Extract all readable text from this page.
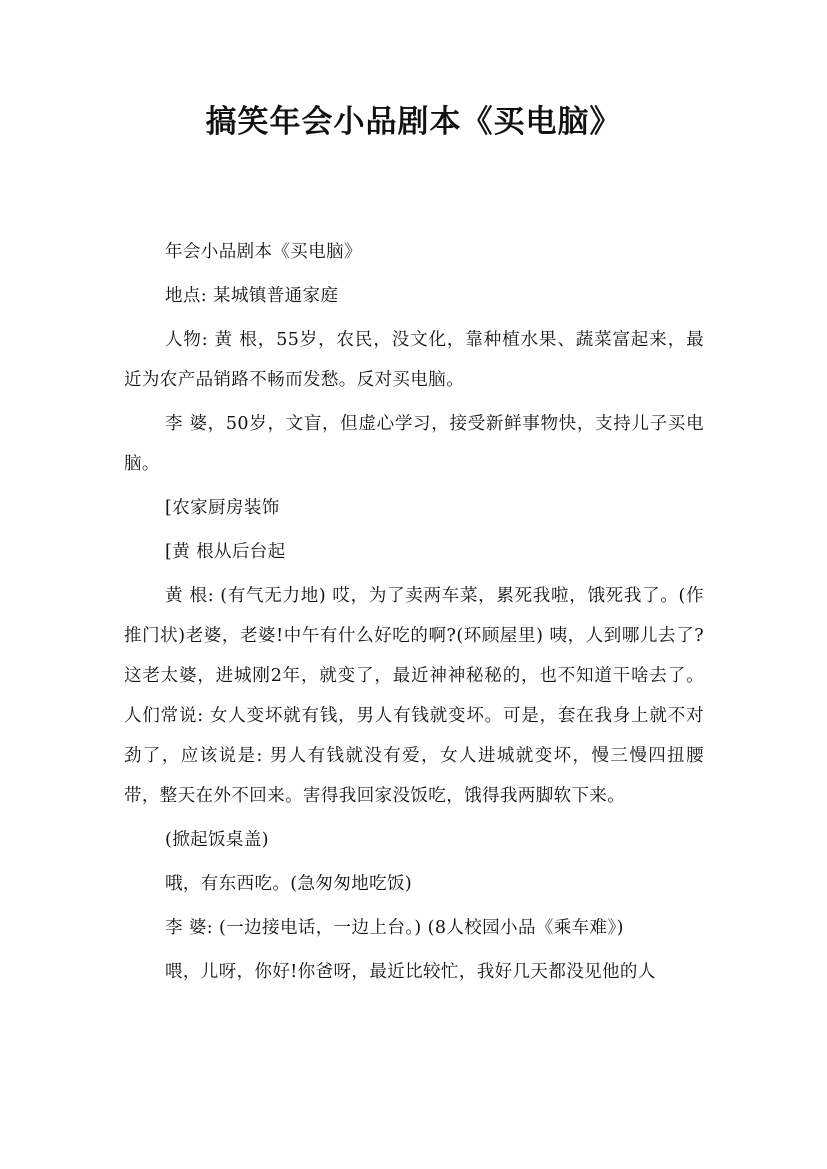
搞笑年会小品剧本《买电脑》

年会小品剧本《买电脑》

地点: 某城镇普通家庭

人物: 黄 根，55岁，农民，没文化，靠种植水果、蔬菜富起来，最近为农产品销路不畅而发愁。反对买电脑。

李 婆，50岁，文盲，但虚心学习，接受新鲜事物快，支持儿子买电脑。

[农家厨房装饰

[黄 根从后台起

黄 根: (有气无力地) 哎，为了卖两车菜，累死我啦，饿死我了。(作推门状)老婆，老婆!中午有什么好吃的啊?(环顾屋里) 咦，人到哪儿去了?这老太婆，进城刚2年，就变了，最近神神秘秘的，也不知道干啥去了。人们常说: 女人变坏就有钱，男人有钱就变坏。可是，套在我身上就不对劲了，应该说是: 男人有钱就没有爱，女人进城就变坏，慢三慢四扭腰带，整天在外不回来。害得我回家没饭吃，饿得我两脚软下来。

(掀起饭桌盖)

哦，有东西吃。(急匆匆地吃饭)

李 婆: (一边接电话，一边上台。) (8人校园小品《乘车难》)

喂，儿呀，你好!你爸呀，最近比较忙，我好几天都没见他的人
